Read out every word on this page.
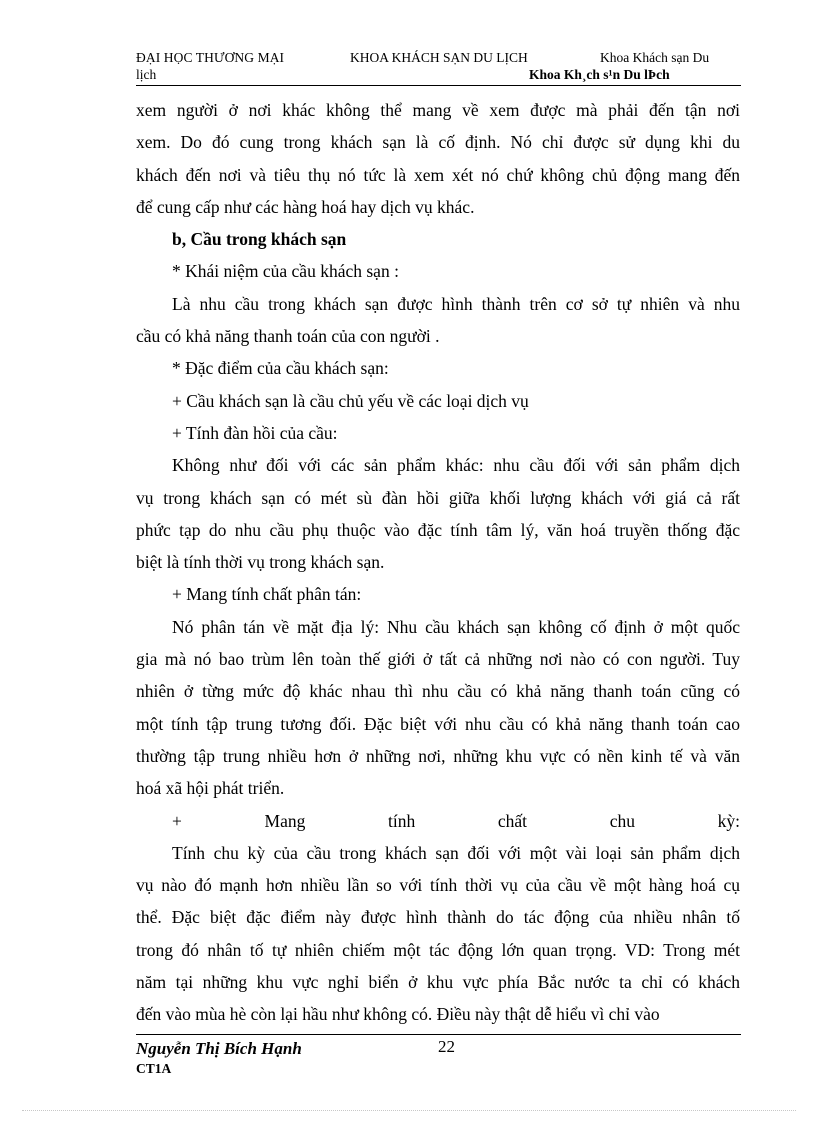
ĐẠI HỌC THƯƠNG MẠI	KHOA KHÁCH SẠN DU LỊCH	Khoa Khách sạn Du
lịch	Khoa Kh¸ch s¹n Du lÞch
xem người ở nơi khác không thể mang về xem được mà phải đến tận nơi
xem. Do đó cung trong khách sạn là cố định. Nó chỉ được sử dụng khi du
khách đến nơi và tiêu thụ nó tức là xem xét nó chứ không chủ động mang đến
để cung cấp như các hàng hoá hay dịch vụ khác.
b, Cầu trong khách sạn
* Khái niệm của cầu khách sạn :
Là nhu cầu trong khách sạn được hình thành trên cơ sở tự nhiên và nhu
cầu có khả năng thanh toán của con người .
* Đặc điểm của cầu khách sạn:
+ Cầu khách sạn là cầu chủ yếu về các loại dịch vụ
+ Tính đàn hồi của cầu:
Không như đối với các sản phẩm khác: nhu cầu đối với sản phẩm dịch
vụ trong khách sạn có mét sù đàn hồi giữa khối lượng khách với giá cả rất
phức tạp do nhu cầu phụ thuộc vào đặc tính tâm lý, văn hoá truyền thống đặc
biệt là tính thời vụ trong khách sạn.
+ Mang tính chất phân tán:
Nó phân tán về mặt địa lý: Nhu cầu khách sạn không cố định ở một quốc
gia mà nó bao trùm lên toàn thế giới ở tất cả những nơi nào có con người. Tuy
nhiên ở từng mức độ khác nhau thì nhu cầu có khả năng thanh toán cũng có
một tính tập trung tương đối. Đặc biệt với nhu cầu có khả năng thanh toán cao
thường tập trung nhiều hơn ở những nơi, những khu vực có nền kinh tế và văn
hoá xã hội phát triển.
+ Mang tính chất chu kỳ:
Tính chu kỳ của cầu trong khách sạn đối với một vài loại sản phẩm dịch
vụ nào đó mạnh hơn nhiều lần so với tính thời vụ của cầu về một hàng hoá cụ
thể. Đặc biệt đặc điểm này được hình thành do tác động của nhiều nhân tố
trong đó nhân tố tự nhiên chiếm một tác động lớn quan trọng. VD: Trong mét
năm tại những khu vực nghỉ biển ở khu vực phía Bắc nước ta chỉ có khách
đến vào mùa hè còn lại hầu như không có. Điều này thật dễ hiểu vì chỉ vào
Nguyễn Thị Bích Hạnh	22
CT1A
